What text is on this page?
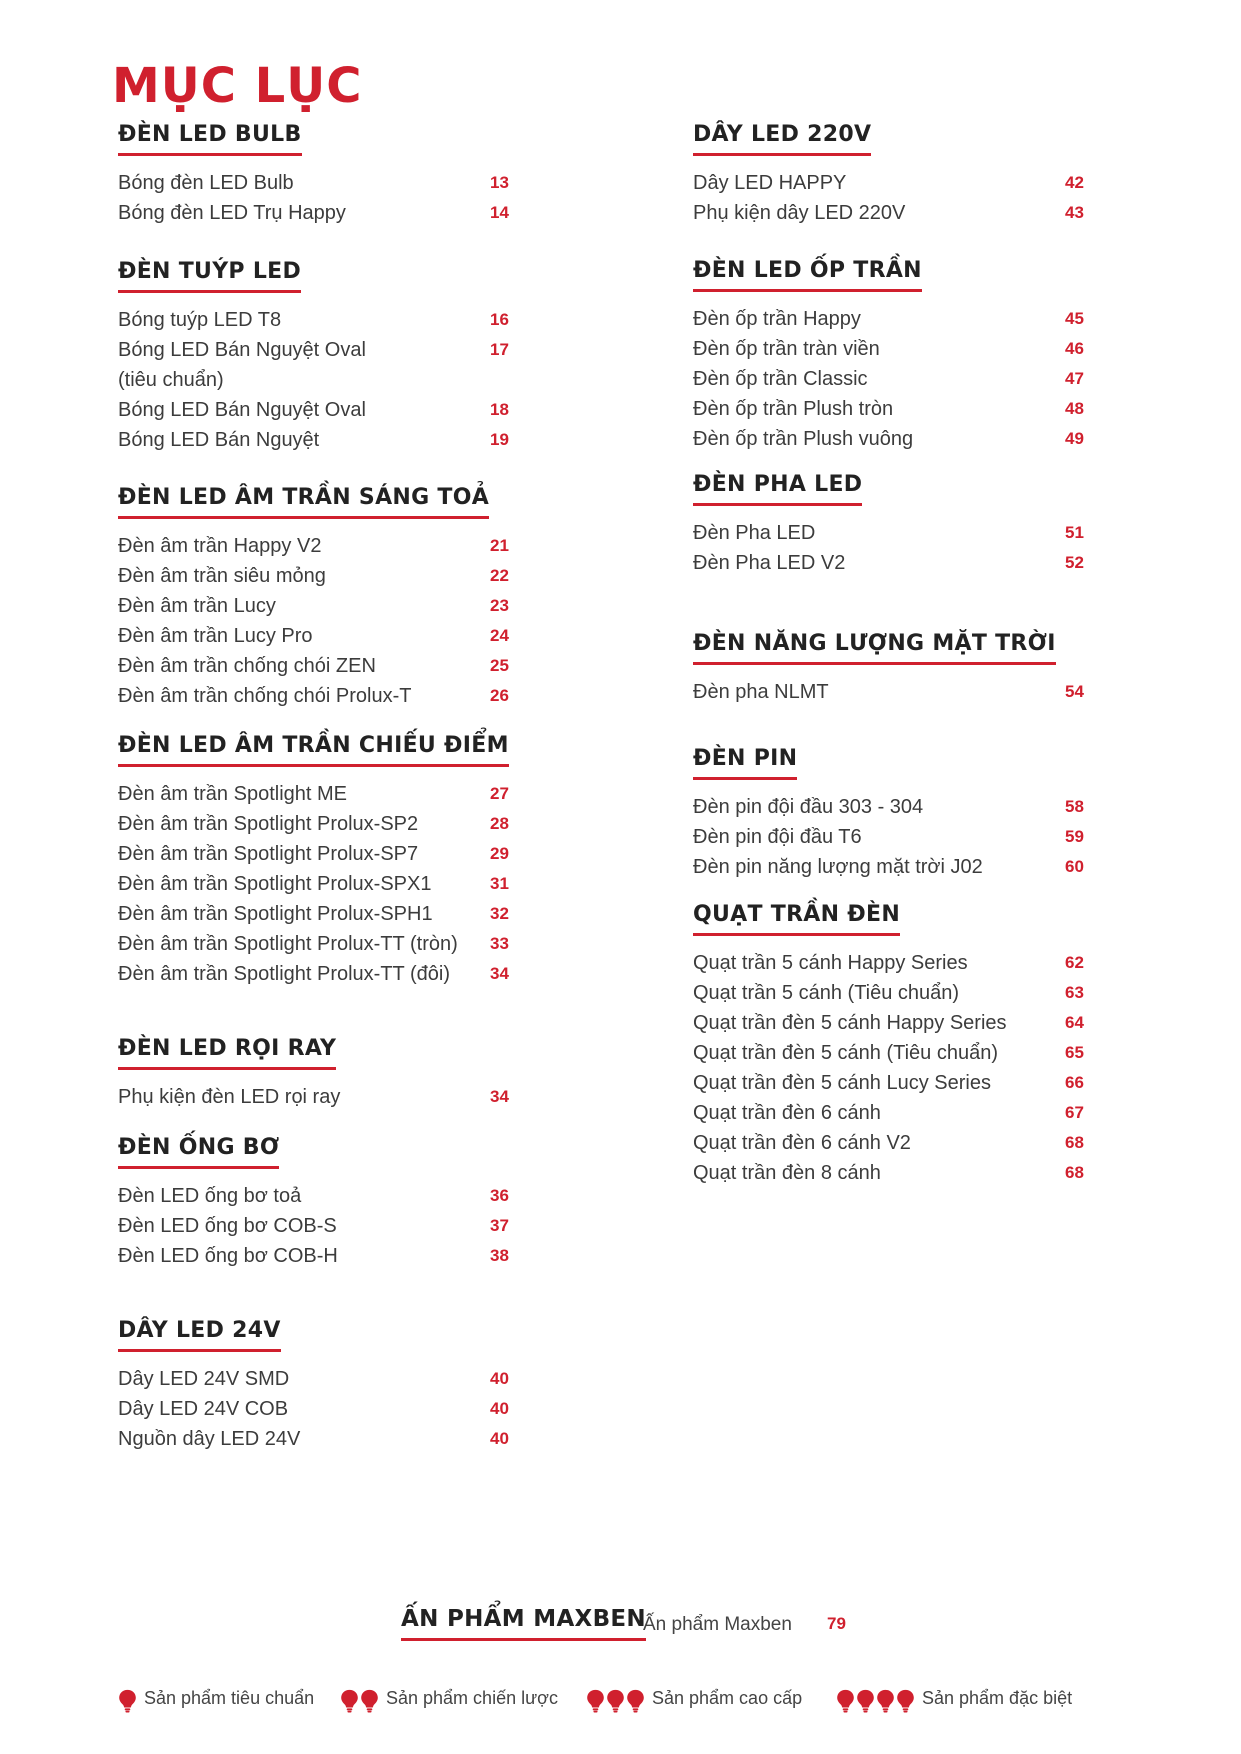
MỤC LỤC
ĐÈN LED BULB
Bóng đèn LED Bulb	13
Bóng đèn LED Trụ Happy	14
ĐÈN TUÝP LED
Bóng tuýp LED T8	16
Bóng LED Bán Nguyệt Oval	17
(tiêu chuẩn)
Bóng LED Bán Nguyệt Oval	18
Bóng LED Bán Nguyệt	19
ĐÈN LED ÂM TRẦN SÁNG TOẢ
Đèn âm trần Happy V2	21
Đèn âm trần siêu mỏng	22
Đèn âm trần Lucy	23
Đèn âm trần Lucy Pro	24
Đèn âm trần chống chói ZEN	25
Đèn âm trần chống chói Prolux-T	26
ĐÈN LED ÂM TRẦN CHIẾU ĐIỂM
Đèn âm trần Spotlight ME	27
Đèn âm trần Spotlight Prolux-SP2	28
Đèn âm trần Spotlight Prolux-SP7	29
Đèn âm trần Spotlight Prolux-SPX1	31
Đèn âm trần Spotlight Prolux-SPH1	32
Đèn âm trần Spotlight Prolux-TT (tròn) 33
Đèn âm trần Spotlight Prolux-TT (đôi) 34
ĐÈN LED RỌI RAY
Phụ kiện đèn LED rọi ray	34
ĐÈN ỐNG BƠ
Đèn LED ống bơ toả	36
Đèn LED ống bơ COB-S	37
Đèn LED ống bơ COB-H	38
DÂY LED 24V
Dây LED 24V SMD	40
Dây LED 24V COB	40
Nguồn dây LED 24V	40
DÂY LED 220V
Dây LED HAPPY	42
Phụ kiện dây LED 220V	43
ĐÈN LED ỐP TRẦN
Đèn ốp trần Happy	45
Đèn ốp trần tràn viền	46
Đèn ốp trần Classic	47
Đèn ốp trần Plush tròn	48
Đèn ốp trần Plush vuông	49
ĐÈN PHA LED
Đèn Pha LED	51
Đèn Pha LED V2	52
ĐÈN NĂNG LƯỢNG MẶT TRỜI
Đèn pha NLMT	54
ĐÈN PIN
Đèn pin đội đầu 303 - 304	58
Đèn pin đội đầu T6	59
Đèn pin năng lượng mặt trời J02	60
QUẠT TRẦN ĐÈN
Quạt trần 5 cánh Happy Series	62
Quạt trần 5 cánh (Tiêu chuẩn)	63
Quạt trần đèn 5 cánh Happy Series	64
Quạt trần đèn 5 cánh (Tiêu chuẩn)	65
Quạt trần đèn 5 cánh Lucy Series	66
Quạt trần đèn 6 cánh	67
Quạt trần đèn 6 cánh V2	68
Quạt trần đèn 8 cánh	68
ẤN PHẨM MAXBEN
Ấn phẩm Maxben 79
Sản phẩm tiêu chuẩn	Sản phẩm chiến lược	Sản phẩm cao cấp	Sản phẩm đặc biệt
